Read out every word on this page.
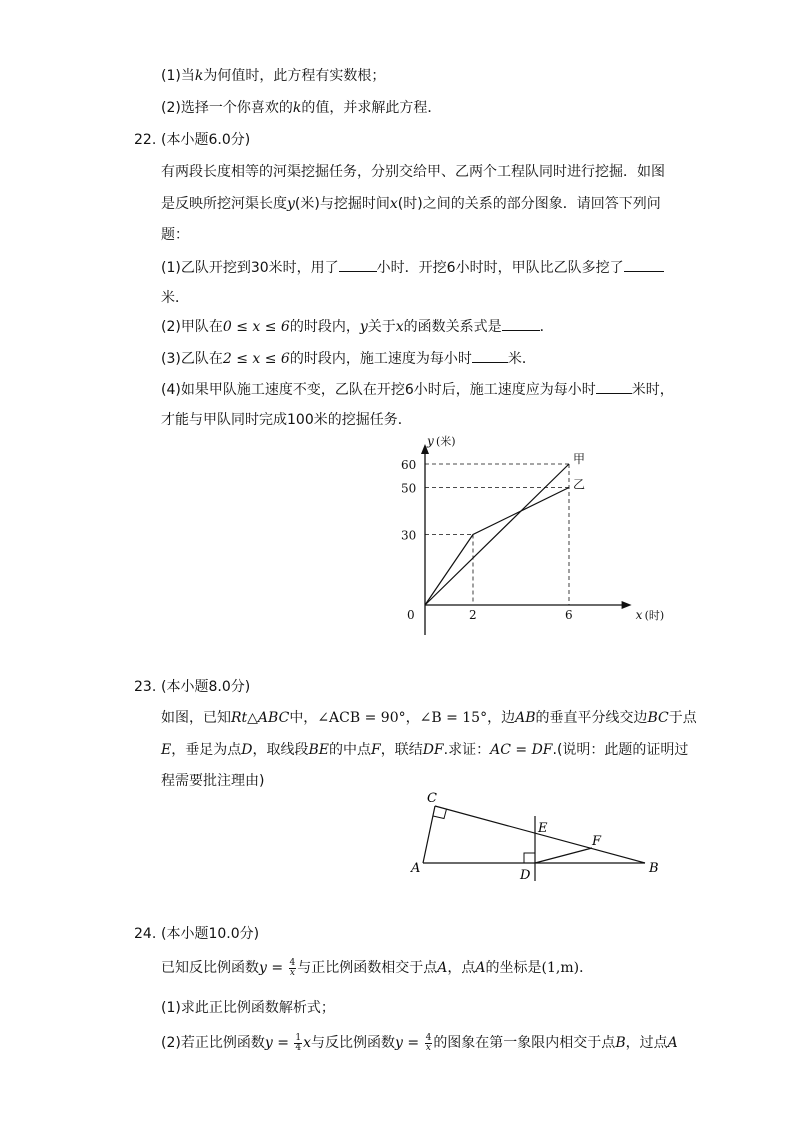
(1)当k为何值时，此方程有实数根；
(2)选择一个你喜欢的k的值，并求解此方程．
22. (本小题6.0分)
有两段长度相等的河渠挖掘任务，分别交给甲、乙两个工程队同时进行挖掘．如图
是反映所挖河渠长度y(米)与挖掘时间x(时)之间的关系的部分图象．请回答下列问
题：
(1)乙队开挖到30米时，用了	小时．开挖6小时时，甲队比乙队多挖了
米．
(2)甲队在0 ≤ x ≤ 6的时段内，y关于x的函数关系式是	．
(3)乙队在2 ≤ x ≤ 6的时段内，施工速度为每小时	米．
(4)如果甲队施工速度不变，乙队在开挖6小时后，施工速度应为每小时	米时，
才能与甲队同时完成100米的挖掘任务．
0	2	6
30
50
60
y (米)
x (时)
甲
乙
23. (本小题8.0分)
如图，已知Rt△ABC中，∠ACB = 90°，∠B = 15°，边AB的垂直平分线交边BC于点
E，垂足为点D，取线段BE的中点F，联结DF.求证：AC = DF.(说明：此题的证明过
程需要批注理由)
C
A	B
D
E
F
24. (本小题10.0分)
已知反比例函数$y = \frac{4}{x}$ 与正比例函数相交于点A，点A的坐标是(1,m)．
(1)求此正比例函数解析式；
(2)若正比例函数$y = \frac{1}{4}$ x与反比例函数$y = \frac{4}{x}$ 的图象在第一象限内相交于点B，过点A
